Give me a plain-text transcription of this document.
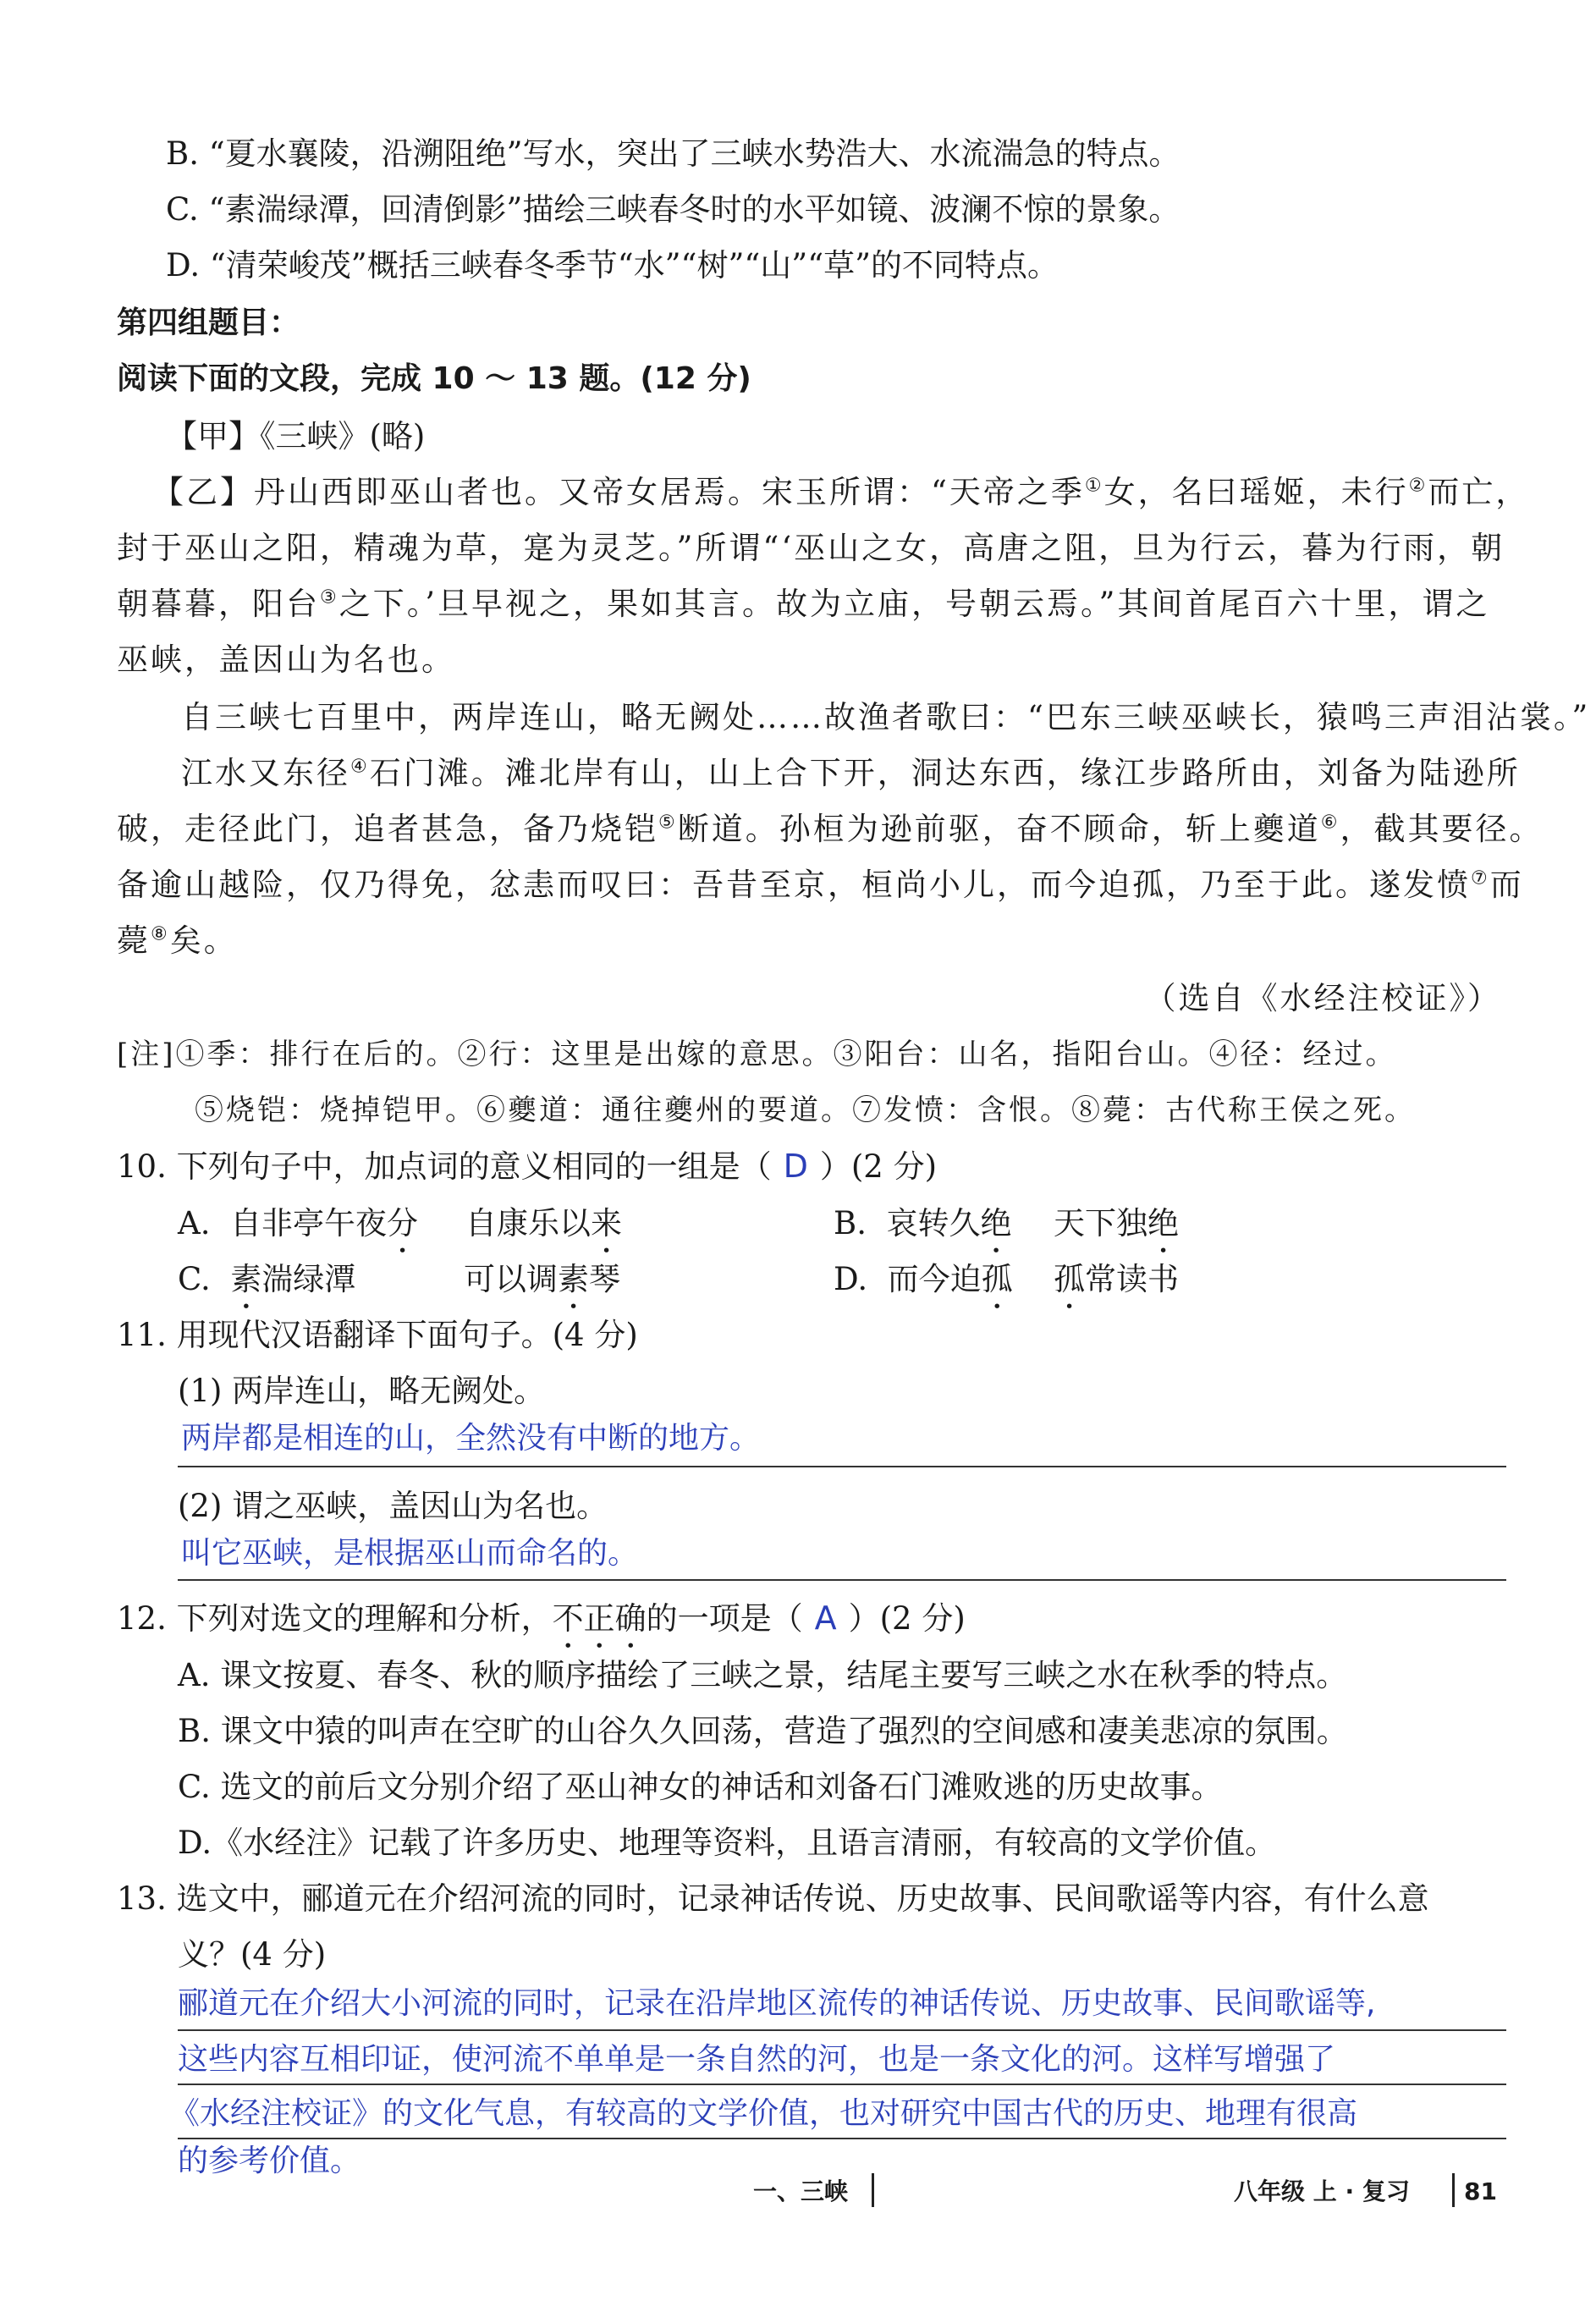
B. “夏水襄陵，沿溯阻绝”写水，突出了三峡水势浩大、水流湍急的特点。
C. “素湍绿潭，回清倒影”描绘三峡春冬时的水平如镜、波澜不惊的景象。
D. “清荣峻茂”概括三峡春冬季节“水”“树”“山”“草”的不同特点。
第四组题目：
阅读下面的文段，完成 10 ～ 13 题。(12 分)
【甲】《三峡》(略)
【乙】丹山西即巫山者也。又帝女居焉。宋玉所谓：“天帝之季①女，名曰瑶姬，未行②而亡，
封于巫山之阳，精魂为草，寔为灵芝。”所谓“‘巫山之女，高唐之阻，旦为行云，暮为行雨，朝
朝暮暮，阳台③之下。’旦早视之，果如其言。故为立庙，号朝云焉。”其间首尾百六十里，谓之
巫峡，盖因山为名也。
自三峡七百里中，两岸连山，略无阙处……故渔者歌曰：“巴东三峡巫峡长，猿鸣三声泪沾裳。”
江水又东径④石门滩。滩北岸有山，山上合下开，洞达东西，缘江步路所由，刘备为陆逊所
破，走径此门，追者甚急，备乃烧铠⑤断道。孙桓为逊前驱，奋不顾命，斩上夔道⑥，截其要径。
备逾山越险，仅乃得免，忿恚而叹曰：吾昔至京，桓尚小儿，而今迫孤，乃至于此。遂发愤⑦而
薨⑧矣。
（选自《水经注校证》）
[注]①季：排行在后的。②行：这里是出嫁的意思。③阳台：山名，指阳台山。④径：经过。
⑤烧铠：烧掉铠甲。⑥夔道：通往夔州的要道。⑦发愤：含恨。⑧薨：古代称王侯之死。
10. 下列句子中，加点词的意义相同的一组是（ D ）(2 分)
A. 自非亭午夜分 自康乐以来	B. 哀转久绝 天下独绝
C. 素湍绿潭	可以调素琴	D. 而今迫孤 孤常读书
11. 用现代汉语翻译下面句子。(4 分)
(1) 两岸连山，略无阙处。
两岸都是相连的山，全然没有中断的地方。
(2) 谓之巫峡，盖因山为名也。
叫它巫峡，是根据巫山而命名的。
12. 下列对选文的理解和分析，不正确的一项是（ A ）(2 分)
A. 课文按夏、春冬、秋的顺序描绘了三峡之景，结尾主要写三峡之水在秋季的特点。
B. 课文中猿的叫声在空旷的山谷久久回荡，营造了强烈的空间感和凄美悲凉的氛围。
C. 选文的前后文分别介绍了巫山神女的神话和刘备石门滩败逃的历史故事。
D.《水经注》记载了许多历史、地理等资料，且语言清丽，有较高的文学价值。
13. 选文中，郦道元在介绍河流的同时，记录神话传说、历史故事、民间歌谣等内容，有什么意
义？(4 分)
郦道元在介绍大小河流的同时，记录在沿岸地区流传的神话传说、历史故事、民间歌谣等,
这些内容互相印证，使河流不单单是一条自然的河，也是一条文化的河。这样写增强了
《水经注校证》的文化气息，有较高的文学价值，也对研究中国古代的历史、地理有很高
的参考价值。
一、三峡	八年级 上 · 复习 81
